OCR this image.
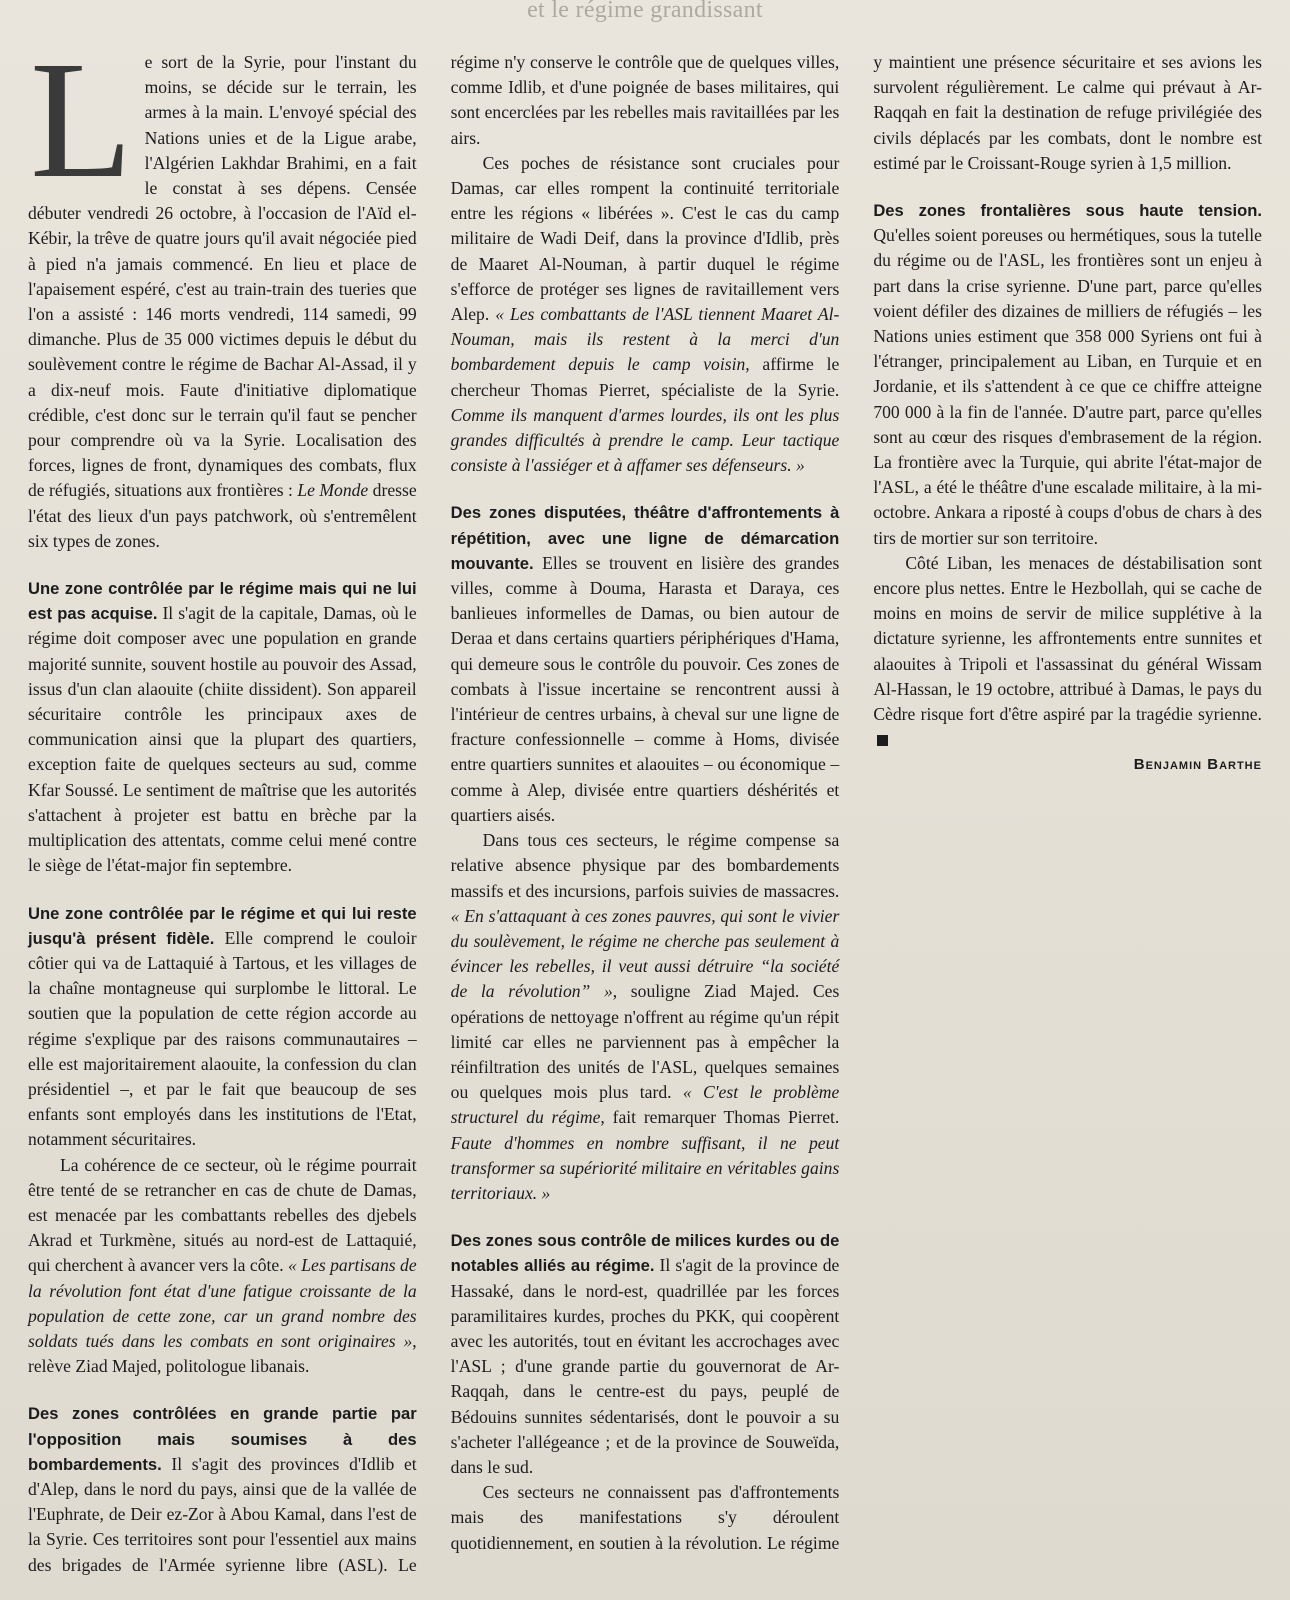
et le régime grandissant

L e sort de la Syrie, pour l'instant du moins, se décide sur le terrain, les armes à la main. L'envoyé spécial des Nations unies et de la Ligue arabe, l'Algérien Lakhdar Brahimi, en a fait le constat à ses dépens. Censée débuter vendredi 26 octobre, à l'occasion de l'Aïd el-Kébir, la trêve de quatre jours qu'il avait négociée pied à pied n'a jamais commencé. En lieu et place de l'apaisement espéré, c'est au train-train des tueries que l'on a assisté : 146 morts vendredi, 114 samedi, 99 dimanche. Plus de 35 000 victimes depuis le début du soulèvement contre le régime de Bachar Al-Assad, il y a dix-neuf mois. Faute d'initiative diplomatique crédible, c'est donc sur le terrain qu'il faut se pencher pour comprendre où va la Syrie. Localisation des forces, lignes de front, dynamiques des combats, flux de réfugiés, situations aux frontières : Le Monde dresse l'état des lieux d'un pays patchwork, où s'entremêlent six types de zones.

Une zone contrôlée par le régime mais qui ne lui est pas acquise. Il s'agit de la capitale, Damas, où le régime doit composer avec une population en grande majorité sunnite, souvent hostile au pouvoir des Assad, issus d'un clan alaouite (chiite dissident). Son appareil sécuritaire contrôle les principaux axes de communication ainsi que la plupart des quartiers, exception faite de quelques secteurs au sud, comme Kfar Soussé. Le sentiment de maîtrise que les autorités s'attachent à projeter est battu en brèche par la multiplication des attentats, comme celui mené contre le siège de l'état-major fin septembre.

Une zone contrôlée par le régime et qui lui reste jusqu'à présent fidèle. Elle comprend le couloir côtier qui va de Lattaquié à Tartous, et les villages de la chaîne montagneuse qui surplombe le littoral. Le soutien que la population de cette région accorde au régime s'explique par des raisons communautaires – elle est majoritairement alaouite, la confession du clan présidentiel –, et par le fait que beaucoup de ses enfants sont employés dans les institutions de l'Etat, notamment sécuritaires.

La cohérence de ce secteur, où le régime pourrait être tenté de se retrancher en cas de chute de Damas, est menacée par les combattants rebelles des djebels Akrad et Turkmène, situés au nord-est de Lattaquié, qui cherchent à avancer vers la côte. « Les partisans de la révolution font état d'une fatigue croissante de la population de cette zone, car un grand nombre des soldats tués dans les combats en sont originaires », relève Ziad Majed, politologue libanais.

Des zones contrôlées en grande partie par l'opposition mais soumises à des bombardements. Il s'agit des provinces d'Idlib et d'Alep, dans le nord du pays, ainsi que de la vallée de l'Euphrate, de Deir ez-Zor à Abou Kamal, dans l'est de la Syrie. Ces territoires sont pour l'essentiel aux mains des brigades de l'Armée syrienne libre (ASL). Le régime n'y conserve le contrôle que de quelques villes, comme Idlib, et d'une poignée de bases militaires, qui sont encerclées par les rebelles mais ravitaillées par les airs.

Ces poches de résistance sont cruciales pour Damas, car elles rompent la continuité territoriale entre les régions « libérées ». C'est le cas du camp militaire de Wadi Deif, dans la province d'Idlib, près de Maaret Al-Nouman, à partir duquel le régime s'efforce de protéger ses lignes de ravitaillement vers Alep. « Les combattants de l'ASL tiennent Maaret Al-Nouman, mais ils restent à la merci d'un bombardement depuis le camp voisin, affirme le chercheur Thomas Pierret, spécialiste de la Syrie. Comme ils manquent d'armes lourdes, ils ont les plus grandes difficultés à prendre le camp. Leur tactique consiste à l'assiéger et à affamer ses défenseurs. »

Des zones disputées, théâtre d'affrontements à répétition, avec une ligne de démarcation mouvante. Elles se trouvent en lisière des grandes villes, comme à Douma, Harasta et Daraya, ces banlieues informelles de Damas, ou bien autour de Deraa et dans certains quartiers périphériques d'Hama, qui demeure sous le contrôle du pouvoir. Ces zones de combats à l'issue incertaine se rencontrent aussi à l'intérieur de centres urbains, à cheval sur une ligne de fracture confessionnelle – comme à Homs, divisée entre quartiers sunnites et alaouites – ou économique – comme à Alep, divisée entre quartiers déshérités et quartiers aisés.

Dans tous ces secteurs, le régime compense sa relative absence physique par des bombardements massifs et des incursions, parfois suivies de massacres. « En s'attaquant à ces zones pauvres, qui sont le vivier du soulèvement, le régime ne cherche pas seulement à évincer les rebelles, il veut aussi détruire “la société de la révolution” », souligne Ziad Majed. Ces opérations de nettoyage n'offrent au régime qu'un répit limité car elles ne parviennent pas à empêcher la réinfiltration des unités de l'ASL, quelques semaines ou quelques mois plus tard. « C'est le problème structurel du régime, fait remarquer Thomas Pierret. Faute d'hommes en nombre suffisant, il ne peut transformer sa supériorité militaire en véritables gains territoriaux. »

Des zones sous contrôle de milices kurdes ou de notables alliés au régime. Il s'agit de la province de Hassaké, dans le nord-est, quadrillée par les forces paramilitaires kurdes, proches du PKK, qui coopèrent avec les autorités, tout en évitant les accrochages avec l'ASL ; d'une grande partie du gouvernorat de Ar-Raqqah, dans le centre-est du pays, peuplé de Bédouins sunnites sédentarisés, dont le pouvoir a su s'acheter l'allégeance ; et de la province de Souweïda, dans le sud.

Ces secteurs ne connaissent pas d'affrontements mais des manifestations s'y déroulent quotidiennement, en soutien à la révolution. Le régime y maintient une présence sécuritaire et ses avions les survolent régulièrement. Le calme qui prévaut à Ar-Raqqah en fait la destination de refuge privilégiée des civils déplacés par les combats, dont le nombre est estimé par le Croissant-Rouge syrien à 1,5 million.

Des zones frontalières sous haute tension. Qu'elles soient poreuses ou hermétiques, sous la tutelle du régime ou de l'ASL, les frontières sont un enjeu à part dans la crise syrienne. D'une part, parce qu'elles voient défiler des dizaines de milliers de réfugiés – les Nations unies estiment que 358 000 Syriens ont fui à l'étranger, principalement au Liban, en Turquie et en Jordanie, et ils s'attendent à ce que ce chiffre atteigne 700 000 à la fin de l'année. D'autre part, parce qu'elles sont au cœur des risques d'embrasement de la région. La frontière avec la Turquie, qui abrite l'état-major de l'ASL, a été le théâtre d'une escalade militaire, à la mi-octobre. Ankara a riposté à coups d'obus de chars à des tirs de mortier sur son territoire.

Côté Liban, les menaces de déstabilisation sont encore plus nettes. Entre le Hezbollah, qui se cache de moins en moins de servir de milice supplétive à la dictature syrienne, les affrontements entre sunnites et alaouites à Tripoli et l'assassinat du général Wissam Al-Hassan, le 19 octobre, attribué à Damas, le pays du Cèdre risque fort d'être aspiré par la tragédie syrienne.

Benjamin Barthe
